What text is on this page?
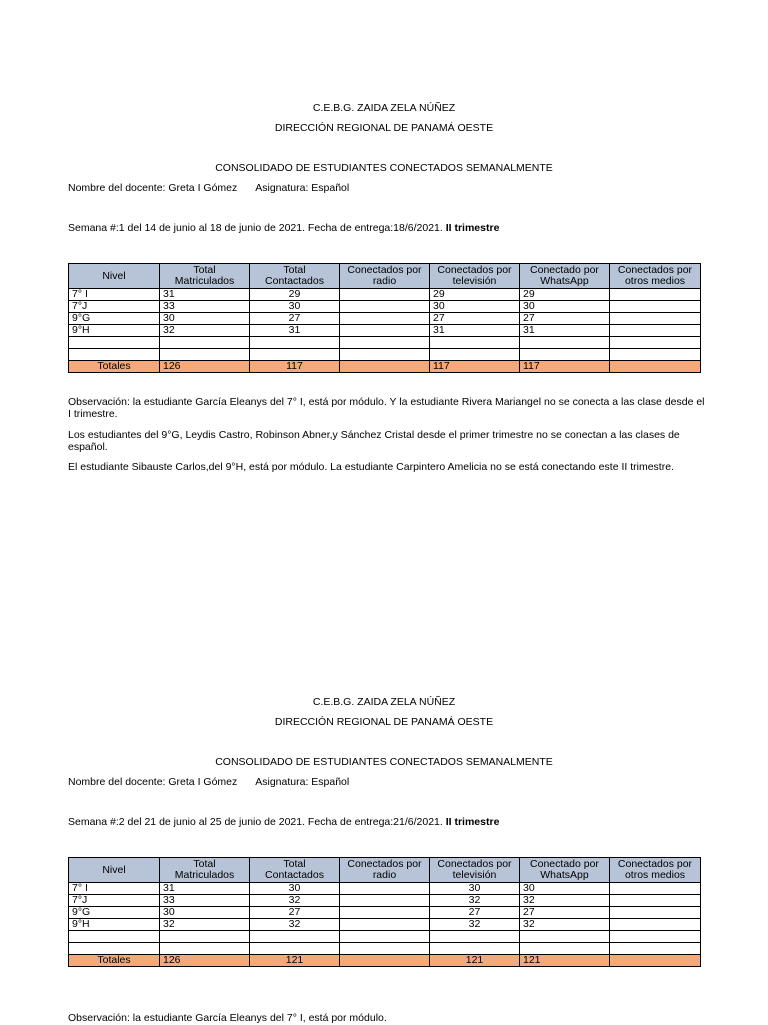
C.E.B.G. ZAIDA ZELA NÚÑEZ
DIRECCIÓN REGIONAL DE PANAMÁ OESTE
CONSOLIDADO DE ESTUDIANTES CONECTADOS SEMANALMENTE
Nombre del docente: Greta I Gómez Asignatura: Español
Semana #:1 del 14 de junio al 18 de junio de 2021. Fecha de entrega:18/6/2021. II trimestre
Nivel	Total Matriculados	Total Contactados	Conectados por radio	Conectados por televisión	Conectado por WhatsApp	Conectados por otros medios
7° I	31	29		29	29	
7°J	33	30		30	30	
9°G	30	27		27	27	
9°H	32	31		31	31	

Totales	126	117		117	117	
Observación: la estudiante García Eleanys del 7° I, está por módulo. Y la estudiante Rivera Mariangel no se conecta a las clase desde el I trimestre.
Los estudiantes del 9°G, Leydis Castro, Robinson Abner,y Sánchez Cristal desde el primer trimestre no se conectan a las clases de español.
El estudiante Sibauste Carlos,del 9°H, está por módulo. La estudiante Carpintero Amelicia no se está conectando este II trimestre.
C.E.B.G. ZAIDA ZELA NÚÑEZ
DIRECCIÓN REGIONAL DE PANAMÁ OESTE
CONSOLIDADO DE ESTUDIANTES CONECTADOS SEMANALMENTE
Nombre del docente: Greta I Gómez Asignatura: Español
Semana #:2 del 21 de junio al 25 de junio de 2021. Fecha de entrega:21/6/2021. II trimestre
Nivel	Total Matriculados	Total Contactados	Conectados por radio	Conectados por televisión	Conectado por WhatsApp	Conectados por otros medios
7° I	31	30		30	30	
7°J	33	32		32	32	
9°G	30	27		27	27	
9°H	32	32		32	32	

Totales	126	121		121	121	
Observación: la estudiante García Eleanys del 7° I, está por módulo.
